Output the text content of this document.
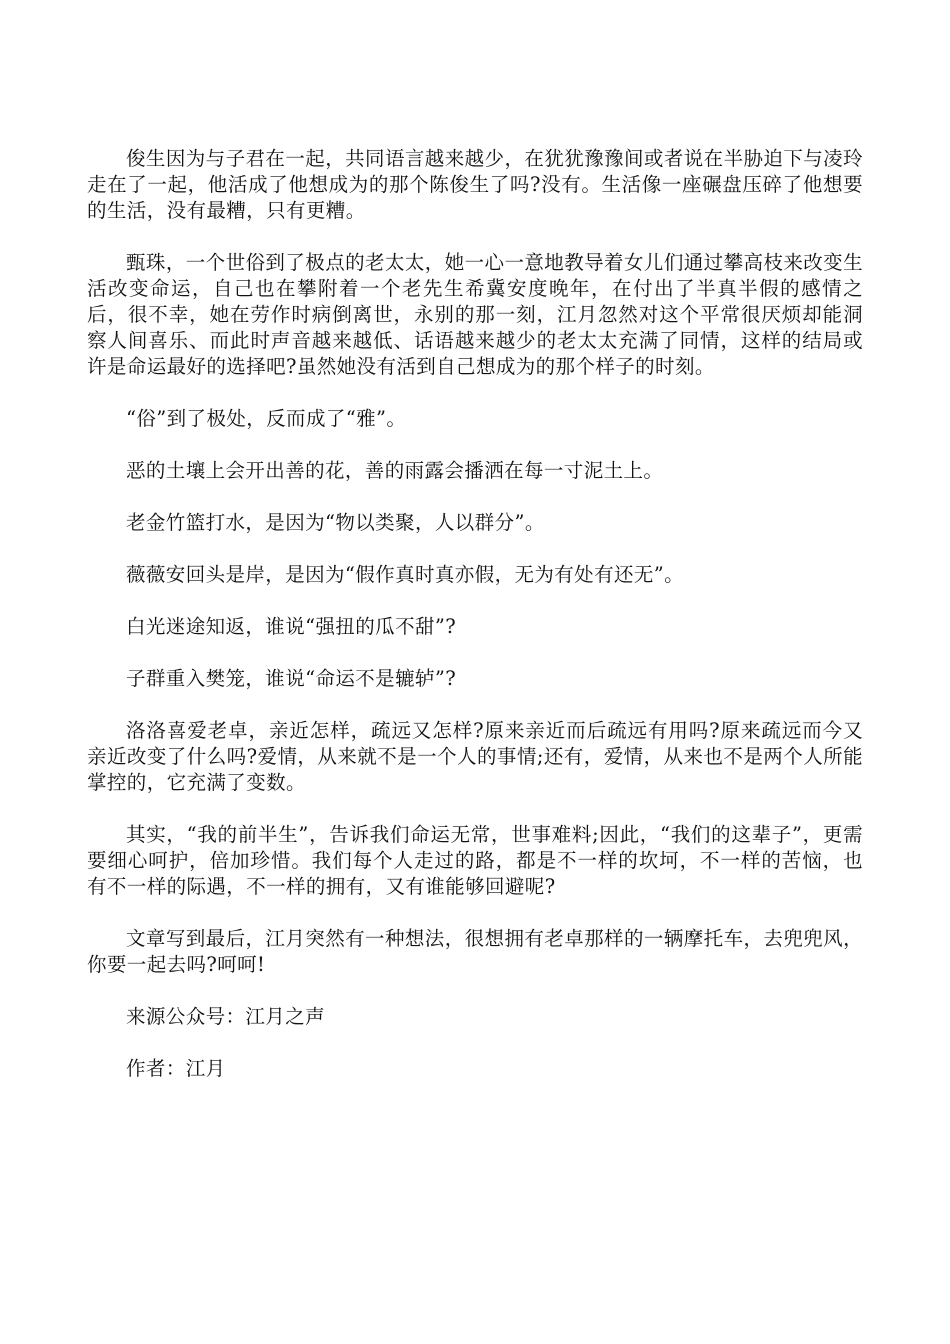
俊生因为与子君在一起，共同语言越来越少，在犹犹豫豫间或者说在半胁迫下与凌玲走在了一起，他活成了他想成为的那个陈俊生了吗?没有。生活像一座碾盘压碎了他想要的生活，没有最糟，只有更糟。

甄珠，一个世俗到了极点的老太太，她一心一意地教导着女儿们通过攀高枝来改变生活改变命运，自己也在攀附着一个老先生希冀安度晚年，在付出了半真半假的感情之后，很不幸，她在劳作时病倒离世，永别的那一刻，江月忽然对这个平常很厌烦却能洞察人间喜乐、而此时声音越来越低、话语越来越少的老太太充满了同情，这样的结局或许是命运最好的选择吧?虽然她没有活到自己想成为的那个样子的时刻。

“俗”到了极处，反而成了“雅”。

恶的土壤上会开出善的花，善的雨露会播洒在每一寸泥土上。

老金竹篮打水，是因为“物以类聚，人以群分”。

薇薇安回头是岸，是因为“假作真时真亦假，无为有处有还无”。

白光迷途知返，谁说“强扭的瓜不甜”?

子群重入樊笼，谁说“命运不是辘轳”?

洛洛喜爱老卓，亲近怎样，疏远又怎样?原来亲近而后疏远有用吗?原来疏远而今又亲近改变了什么吗?爱情，从来就不是一个人的事情;还有，爱情，从来也不是两个人所能掌控的，它充满了变数。

其实，“我的前半生”，告诉我们命运无常，世事难料;因此，“我们的这辈子”，更需要细心呵护，倍加珍惜。我们每个人走过的路，都是不一样的坎坷，不一样的苦恼，也有不一样的际遇，不一样的拥有，又有谁能够回避呢?

文章写到最后，江月突然有一种想法，很想拥有老卓那样的一辆摩托车，去兜兜风，你要一起去吗?呵呵!

来源公众号：江月之声

作者：江月
